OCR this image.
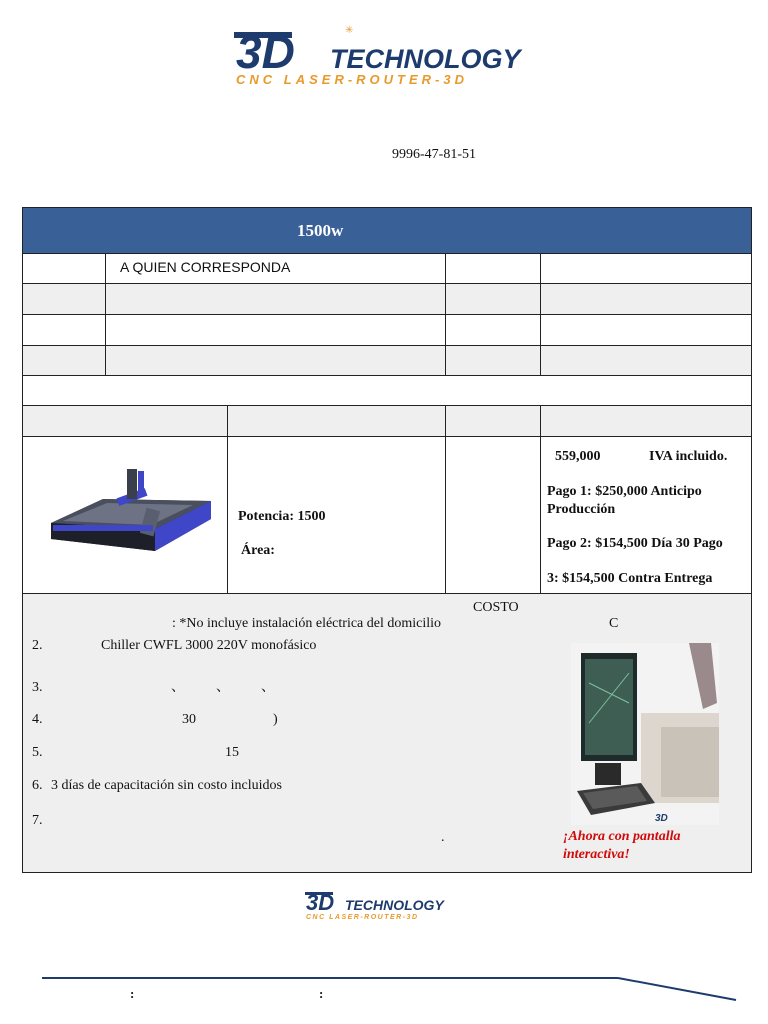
3D TECHNOLOGY
✳
CNC LASER-ROUTER-3D
9996-47-81-51
1500w
A QUIEN CORRESPONDA
Potencia: 1500
Área:
559,000	IVA incluido.
Pago 1: $250,000 Anticipo Producción
Pago 2: $154,500 Día 30 Pago
3: $154,500 Contra Entrega
COSTO
: *No incluye instalación eléctrica del domicilio	C
2.	Chiller CWFL 3000 220V monofásico
3.	、 、 、
4.	30	)
5.	15
6. 3 días de capacitación sin costo incluidos
7.
.	¡Ahora con pantalla
interactiva!
3D
3D TECHNOLOGY
CNC LASER-ROUTER-3D
:	:
